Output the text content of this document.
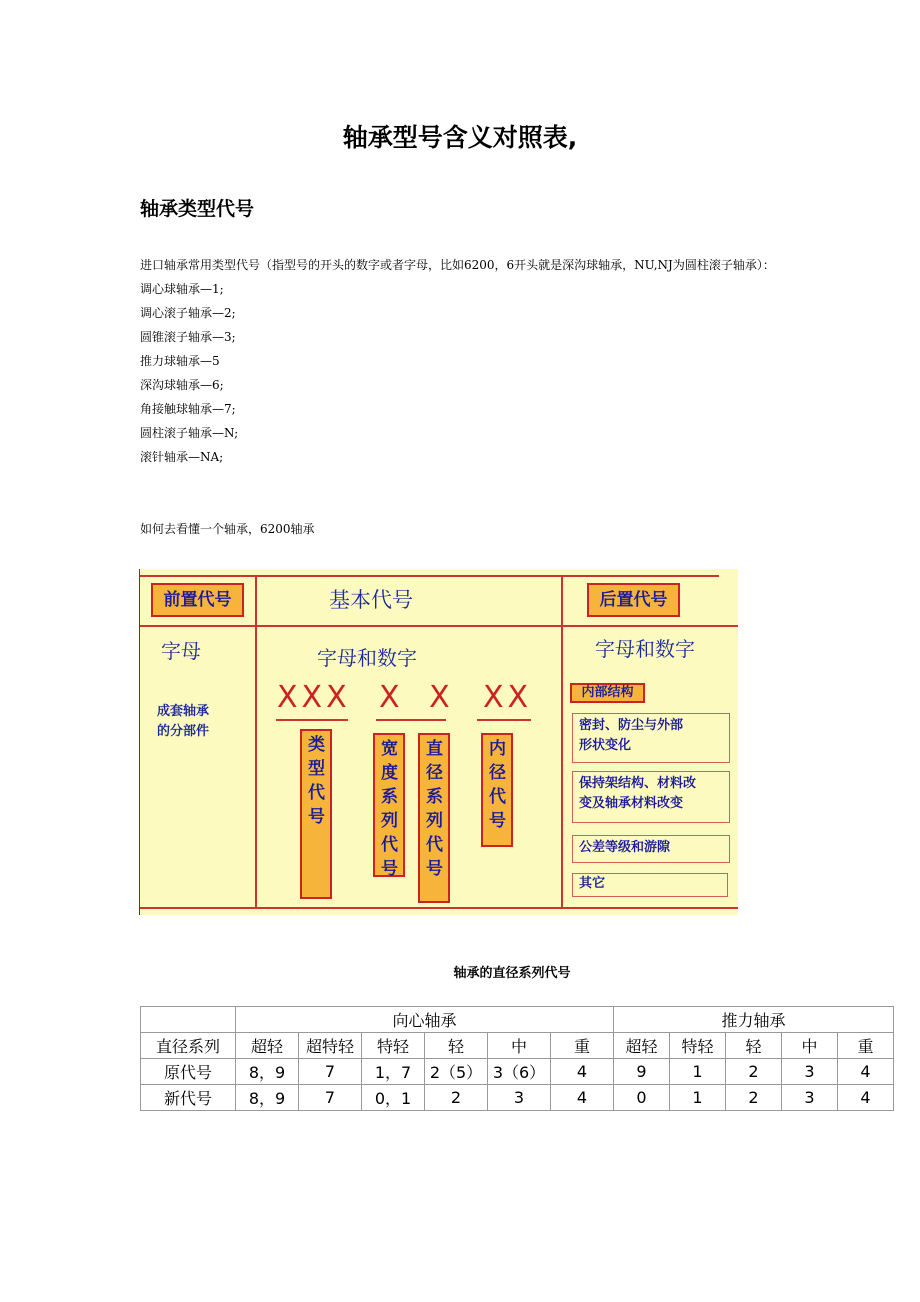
轴承型号含义对照表,
轴承类型代号

进口轴承常用类型代号（指型号的开头的数字或者字母，比如6200，6开头就是深沟球轴承，NU,NJ为圆柱滚子轴承）：

调心球轴承—1;

调心滚子轴承—2;

圆锥滚子轴承—3;

推力球轴承—5

深沟球轴承—6;

角接触球轴承—7;

圆柱滚子轴承—N;

滚针轴承—NA;

如何去看懂一个轴承，6200轴承
前置代号	基本代号	后置代号
字母	字母和数字	字母和数字
成套轴承
的分部件
XXX X X XX
类型代号
宽度系列代号
直径系列代号
内径代号
内部结构
密封、防尘与外部
形状变化
保持架结构、材料改
变及轴承材料改变
公差等级和游隙
其它
轴承的直径系列代号
	向心轴承						推力轴承				
直径系列	超轻	超特轻	特轻	轻	中	重	超轻	特轻	轻	中	重
原代号	8，9	7	1，7	2（5）	3（6）	4	9	1	2	3	4
新代号	8，9	7	0，1	2	3	4	0	1	2	3	4
